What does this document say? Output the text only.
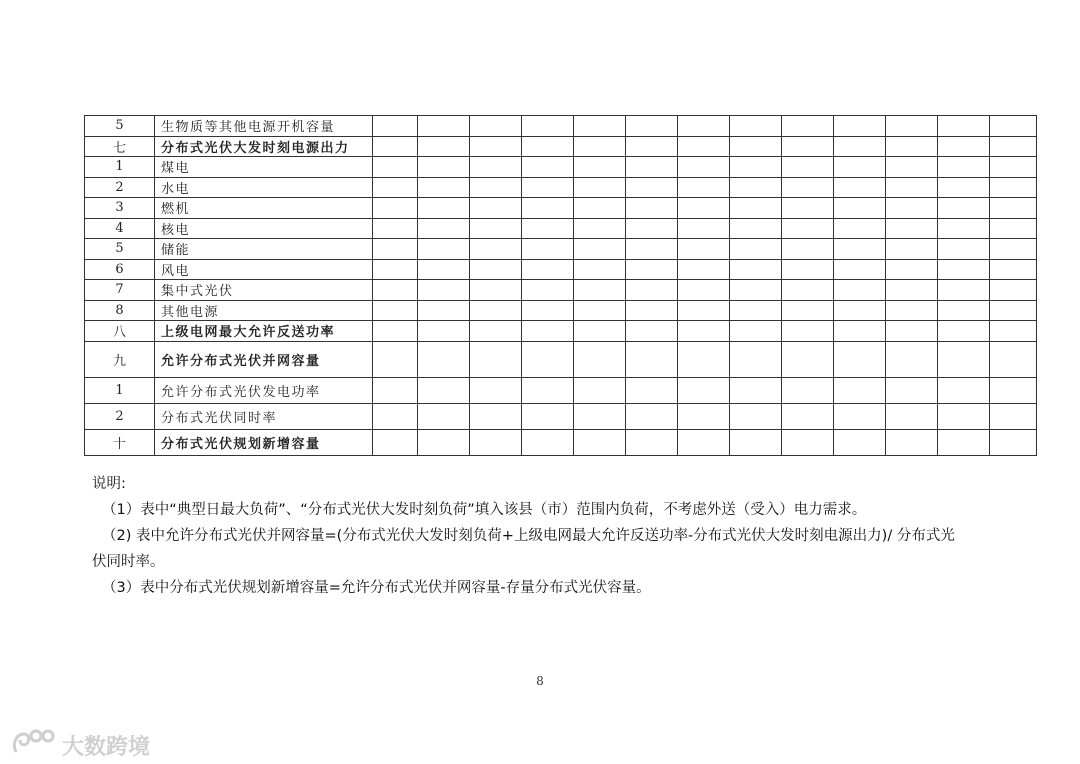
5	生物质等其他电源开机容量													
七	分布式光伏大发时刻电源出力													
1	煤电													
2	水电													
3	燃机													
4	核电													
5	储能													
6	风电													
7	集中式光伏													
8	其他电源													
八	上级电网最大允许反送功率													
九	允许分布式光伏并网容量													
1	允许分布式光伏发电功率													
2	分布式光伏同时率													
十	分布式光伏规划新增容量													
说明:
（1）表中“典型日最大负荷”、“分布式光伏大发时刻负荷”填入该县（市）范围内负荷，不考虑外送（受入）电力需求。
（2) 表中允许分布式光伏并网容量=(分布式光伏大发时刻负荷+上级电网最大允许反送功率-分布式光伏大发时刻电源出力)/ 分布式光
伏同时率。
（3）表中分布式光伏规划新增容量=允许分布式光伏并网容量-存量分布式光伏容量。
8
大数跨境
